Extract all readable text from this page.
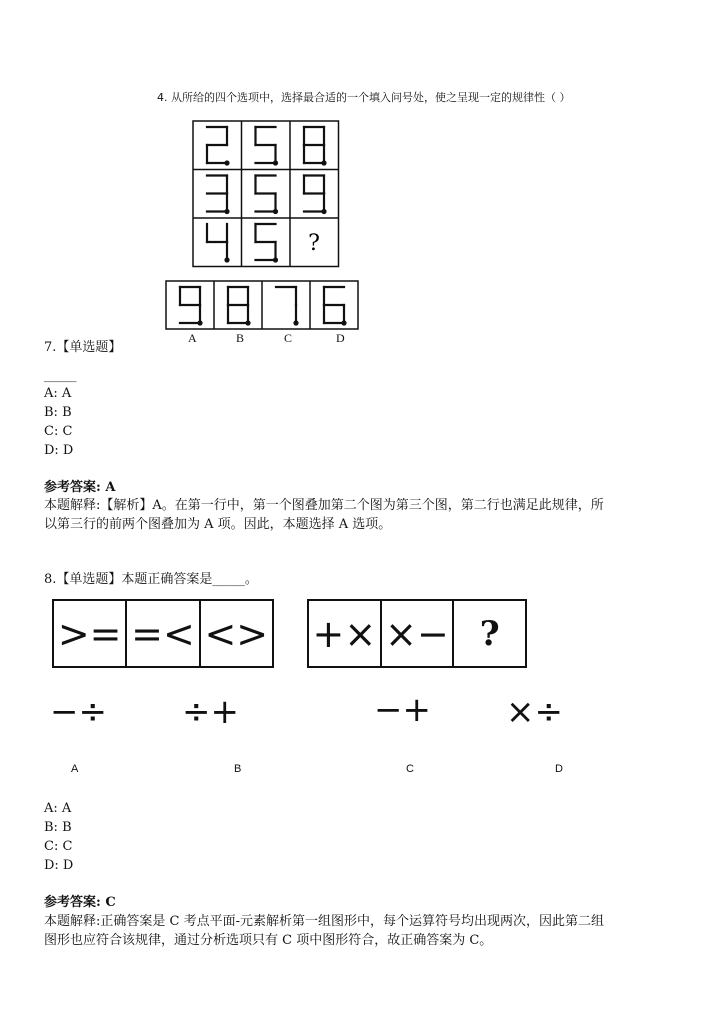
4. 从所给的四个选项中，选择最合适的一个填入问号处，使之呈现一定的规律性（ ）
?
A	B	C	D
7.【单选题】
_____
A: A
B: B
C: C
D: D
参考答案: A
本题解释:【解析】A。在第一行中，第一个图叠加第二个图为第三个图，第二行也满足此规律，所
以第三行的前两个图叠加为 A 项。因此，本题选择 A 选项。
8.【单选题】本题正确答案是_____。
>= =< <> +× ×− ?
−÷ ÷+	−+ ×÷
A	B	C	D
A: A
B: B
C: C
D: D
参考答案: C
本题解释:正确答案是 C 考点平面-元素解析第一组图形中，每个运算符号均出现两次，因此第二组
图形也应符合该规律，通过分析选项只有 C 项中图形符合，故正确答案为 C。
